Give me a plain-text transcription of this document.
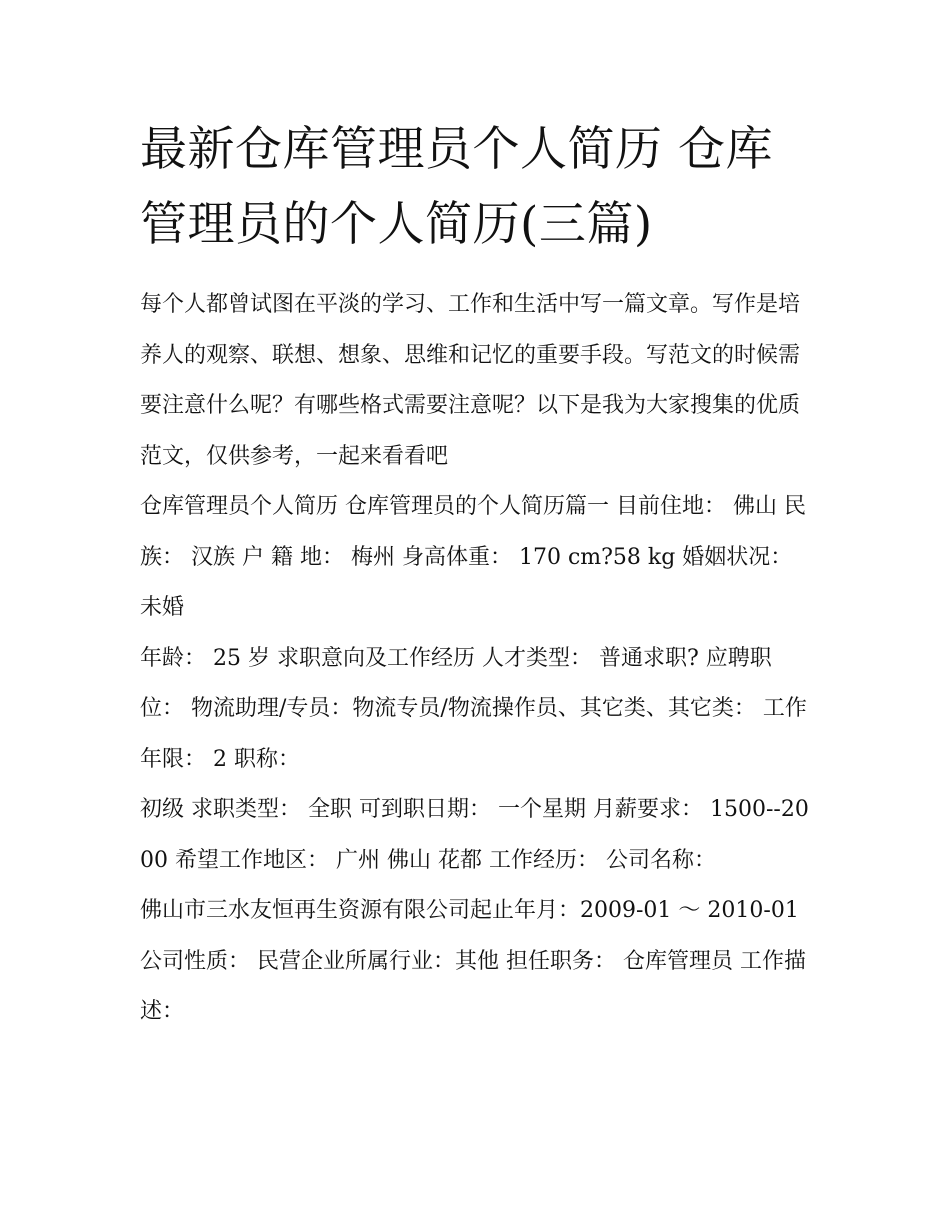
最新仓库管理员个人简历 仓库管理员的个人简历(三篇)

每个人都曾试图在平淡的学习、工作和生活中写一篇文章。写作是培养人的观察、联想、想象、思维和记忆的重要手段。写范文的时候需要注意什么呢？有哪些格式需要注意呢？以下是我为大家搜集的优质范文，仅供参考，一起来看看吧

仓库管理员个人简历 仓库管理员的个人简历篇一 目前住地： 佛山 民族： 汉族 户 籍 地： 梅州 身高体重： 170 cm?58 kg 婚姻状况： 未婚

年龄： 25 岁 求职意向及工作经历 人才类型： 普通求职? 应聘职位： 物流助理/专员：物流专员/物流操作员、其它类、其它类： 工作年限： 2 职称：

初级 求职类型： 全职 可到职日期： 一个星期 月薪要求： 1500--2000 希望工作地区： 广州 佛山 花都 工作经历： 公司名称：

佛山市三水友恒再生资源有限公司起止年月：2009-01 ～ 2010-01 公司性质： 民营企业所属行业：其他 担任职务： 仓库管理员 工作描述：
